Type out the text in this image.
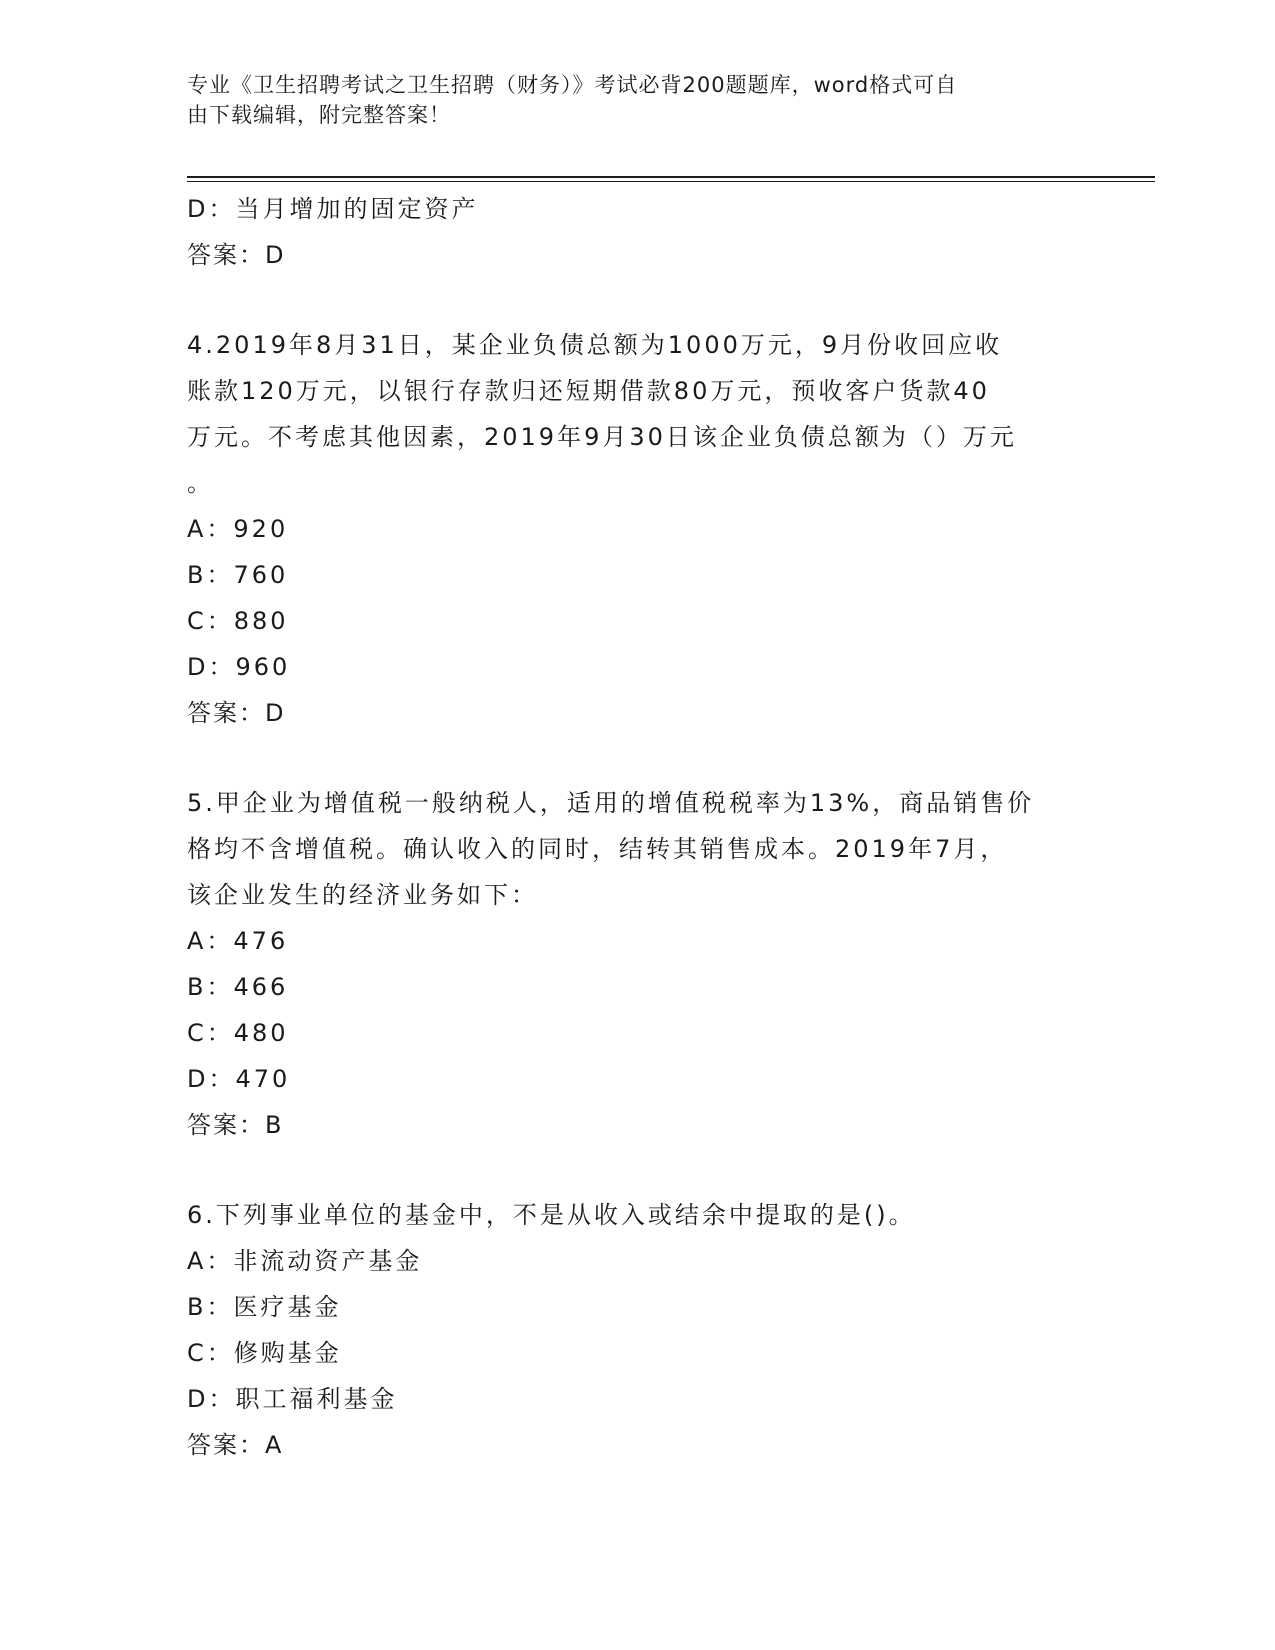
专业《卫生招聘考试之卫生招聘（财务）》考试必背200题题库，word格式可自
由下载编辑，附完整答案！
D：当月增加的固定资产
答案：D
4.2019年8月31日，某企业负债总额为1000万元，9月份收回应收
账款120万元，以银行存款归还短期借款80万元，预收客户货款40
万元。不考虑其他因素，2019年9月30日该企业负债总额为（）万元
。
A：920
B：760
C：880
D：960
答案：D
5.甲企业为增值税一般纳税人，适用的增值税税率为13%，商品销售价
格均不含增值税。确认收入的同时，结转其销售成本。2019年7月，
该企业发生的经济业务如下：
A：476
B：466
C：480
D：470
答案：B
6.下列事业单位的基金中，不是从收入或结余中提取的是()。
A：非流动资产基金
B：医疗基金
C：修购基金
D：职工福利基金
答案：A
